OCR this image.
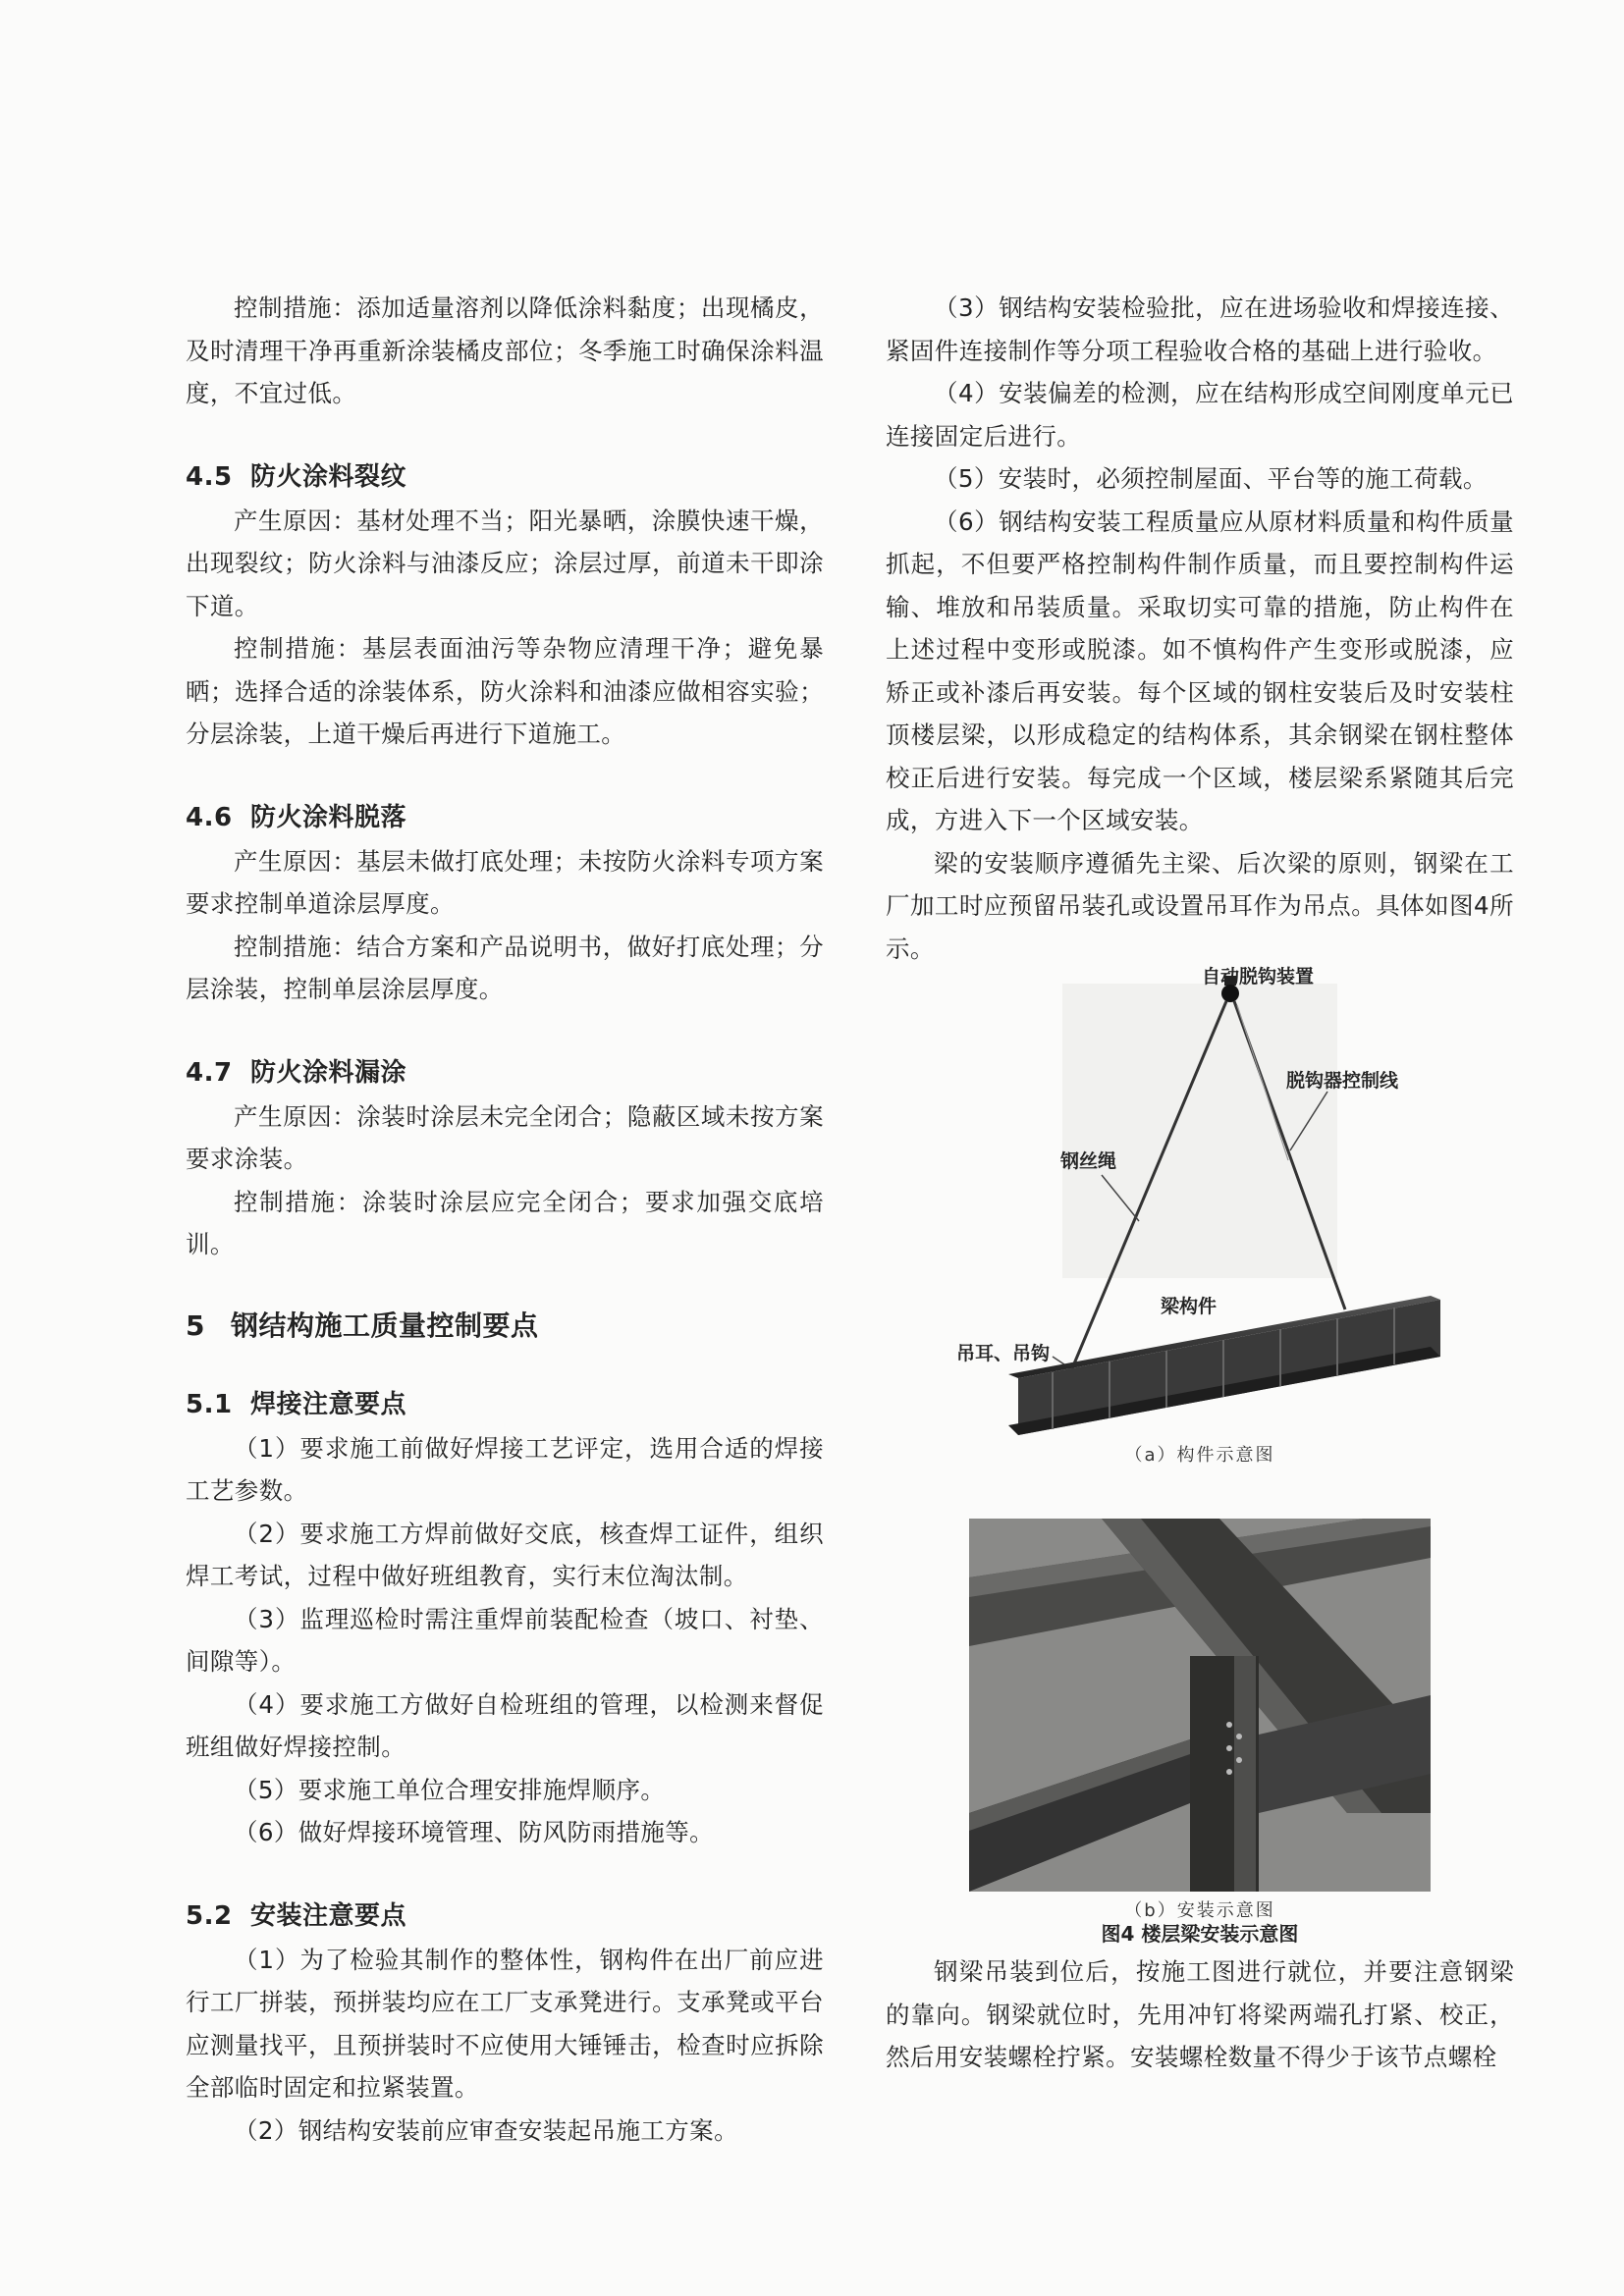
控制措施：添加适量溶剂以降低涂料黏度；出现橘皮，及时清理干净再重新涂装橘皮部位；冬季施工时确保涂料温度，不宜过低。

4.5 防火涂料裂纹

产生原因：基材处理不当；阳光暴晒，涂膜快速干燥，出现裂纹；防火涂料与油漆反应；涂层过厚，前道未干即涂下道。

控制措施：基层表面油污等杂物应清理干净；避免暴晒；选择合适的涂装体系，防火涂料和油漆应做相容实验；分层涂装，上道干燥后再进行下道施工。

4.6 防火涂料脱落

产生原因：基层未做打底处理；未按防火涂料专项方案要求控制单道涂层厚度。

控制措施：结合方案和产品说明书，做好打底处理；分层涂装，控制单层涂层厚度。

4.7 防火涂料漏涂

产生原因：涂装时涂层未完全闭合；隐蔽区域未按方案要求涂装。

控制措施：涂装时涂层应完全闭合；要求加强交底培训。

5 钢结构施工质量控制要点

5.1 焊接注意要点

（1）要求施工前做好焊接工艺评定，选用合适的焊接工艺参数。

（2）要求施工方焊前做好交底，核查焊工证件，组织焊工考试，过程中做好班组教育，实行末位淘汰制。

（3）监理巡检时需注重焊前装配检查（坡口、衬垫、间隙等）。

（4）要求施工方做好自检班组的管理，以检测来督促班组做好焊接控制。

（5）要求施工单位合理安排施焊顺序。

（6）做好焊接环境管理、防风防雨措施等。

5.2 安装注意要点

（1）为了检验其制作的整体性，钢构件在出厂前应进行工厂拼装，预拼装均应在工厂支承凳进行。支承凳或平台应测量找平，且预拼装时不应使用大锤锤击，检查时应拆除全部临时固定和拉紧装置。

（2）钢结构安装前应审查安装起吊施工方案。

（3）钢结构安装检验批，应在进场验收和焊接连接、紧固件连接制作等分项工程验收合格的基础上进行验收。

（4）安装偏差的检测，应在结构形成空间刚度单元已连接固定后进行。

（5）安装时，必须控制屋面、平台等的施工荷载。

（6）钢结构安装工程质量应从原材料质量和构件质量抓起，不但要严格控制构件制作质量，而且要控制构件运输、堆放和吊装质量。采取切实可靠的措施，防止构件在上述过程中变形或脱漆。如不慎构件产生变形或脱漆，应矫正或补漆后再安装。每个区域的钢柱安装后及时安装柱顶楼层梁，以形成稳定的结构体系，其余钢梁在钢柱整体校正后进行安装。每完成一个区域，楼层梁系紧随其后完成，方进入下一个区域安装。

梁的安装顺序遵循先主梁、后次梁的原则，钢梁在工厂加工时应预留吊装孔或设置吊耳作为吊点。具体如图4所示。

自动脱钩装置
脱钩器控制线
钢丝绳
梁构件
吊耳、吊钩
（a）构件示意图
（b）安装示意图
图4 楼层梁安装示意图

钢梁吊装到位后，按施工图进行就位，并要注意钢梁的靠向。钢梁就位时，先用冲钉将梁两端孔打紧、校正，然后用安装螺栓拧紧。安装螺栓数量不得少于该节点螺栓
